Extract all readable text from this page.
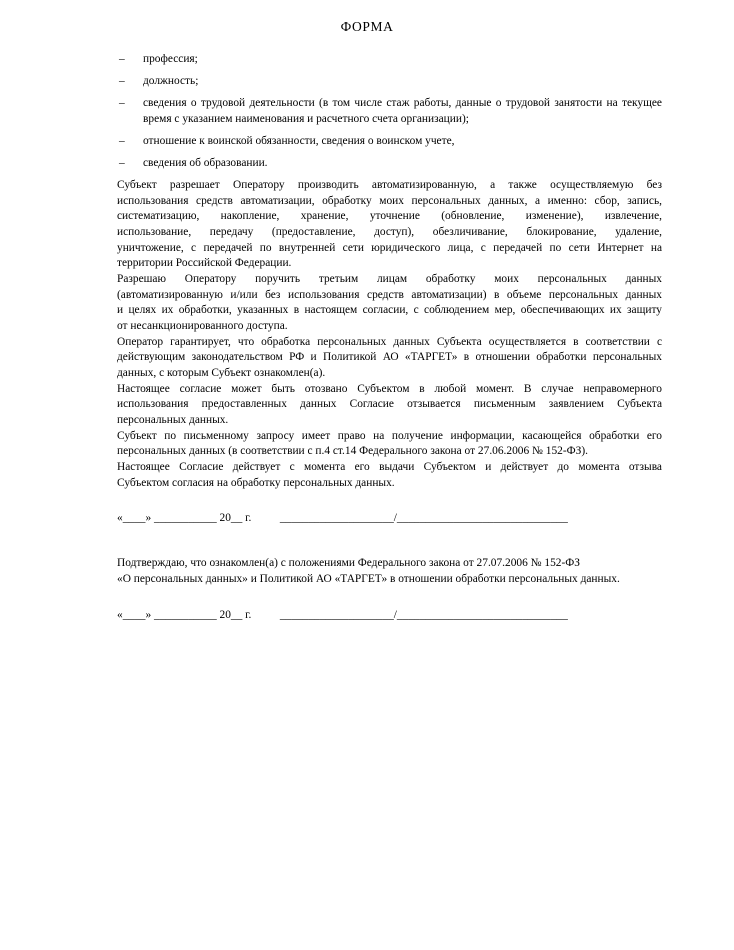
ФОРМА
– профессия;
– должность;
– сведения о трудовой деятельности (в том числе стаж работы, данные о трудовой занятости на текущее время с указанием наименования и расчетного счета организации);
– отношение к воинской обязанности, сведения о воинском учете,
– сведения об образовании.
Субъект разрешает Оператору производить автоматизированную, а также осуществляемую без
использования средств автоматизации, обработку моих персональных данных, а именно: сбор, запись,
систематизацию, накопление, хранение, уточнение (обновление, изменение), извлечение,
использование, передачу (предоставление, доступ), обезличивание, блокирование, удаление,
уничтожение, с передачей по внутренней сети юридического лица, с передачей по сети Интернет на
территории Российской Федерации.
Разрешаю Оператору поручить третьим лицам обработку моих персональных данных
(автоматизированную и/или без использования средств автоматизации) в объеме персональных данных
и целях их обработки, указанных в настоящем согласии, с соблюдением мер, обеспечивающих их защиту
от несанкционированного доступа.
Оператор гарантирует, что обработка персональных данных Субъекта осуществляется в соответствии с
действующим законодательством РФ и Политикой АО «ТАРГЕТ» в отношении обработки персональных
данных, с которым Субъект ознакомлен(а).
Настоящее согласие может быть отозвано Субъектом в любой момент. В случае неправомерного
использования предоставленных данных Согласие отзывается письменным заявлением Субъекта
персональных данных.
Субъект по письменному запросу имеет право на получение информации, касающейся обработки его
персональных данных (в соответствии с п.4 ст.14 Федерального закона от 27.06.2006 № 152-ФЗ).
Настоящее Согласие действует с момента его выдачи Субъектом и действует до момента отзыва
Субъектом согласия на обработку персональных данных.
«____» ___________ 20__ г.          ____________________/______________________________
Подтверждаю, что ознакомлен(а) с положениями Федерального закона от 27.07.2006 № 152-ФЗ
«О персональных данных» и Политикой АО «ТАРГЕТ» в отношении обработки персональных данных.
«____» ___________ 20__ г.          ____________________/______________________________
